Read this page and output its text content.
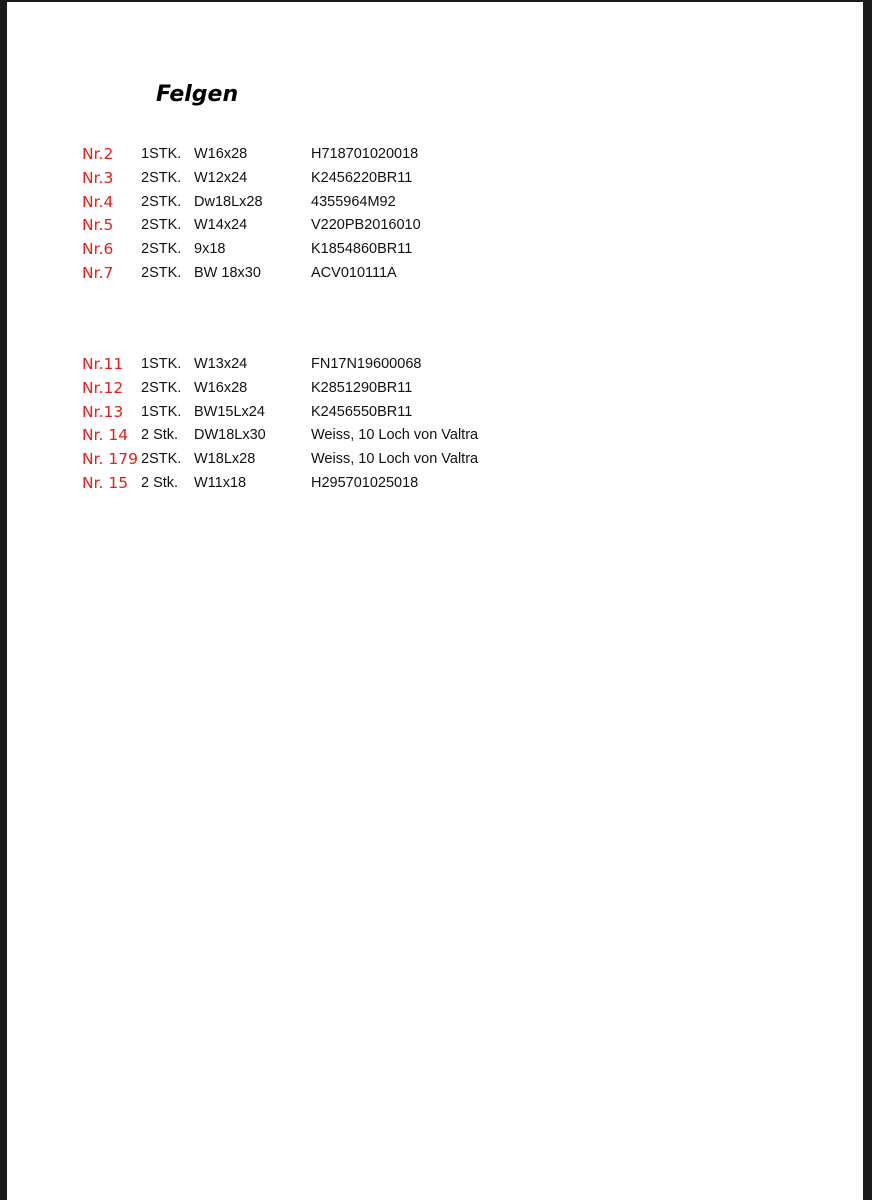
Felgen
Nr.2 1STK. W16x28	H718701020018
Nr.3 2STK. W12x24	K2456220BR11
Nr.4 2STK. Dw18Lx28	4355964M92
Nr.5 2STK. W14x24	V220PB2016010
Nr.6 2STK. 9x18	K1854860BR11
Nr.7 2STK. BW 18x30	ACV010111A
Nr.11 1STK. W13x24	FN17N19600068
Nr.12 2STK. W16x28	K2851290BR11
Nr.13 1STK. BW15Lx24	K2456550BR11
Nr. 14 2 Stk. DW18Lx30	Weiss, 10 Loch von Valtra
Nr. 179 2STK. W18Lx28	Weiss, 10 Loch von Valtra
Nr. 15 2 Stk. W11x18	H295701025018
